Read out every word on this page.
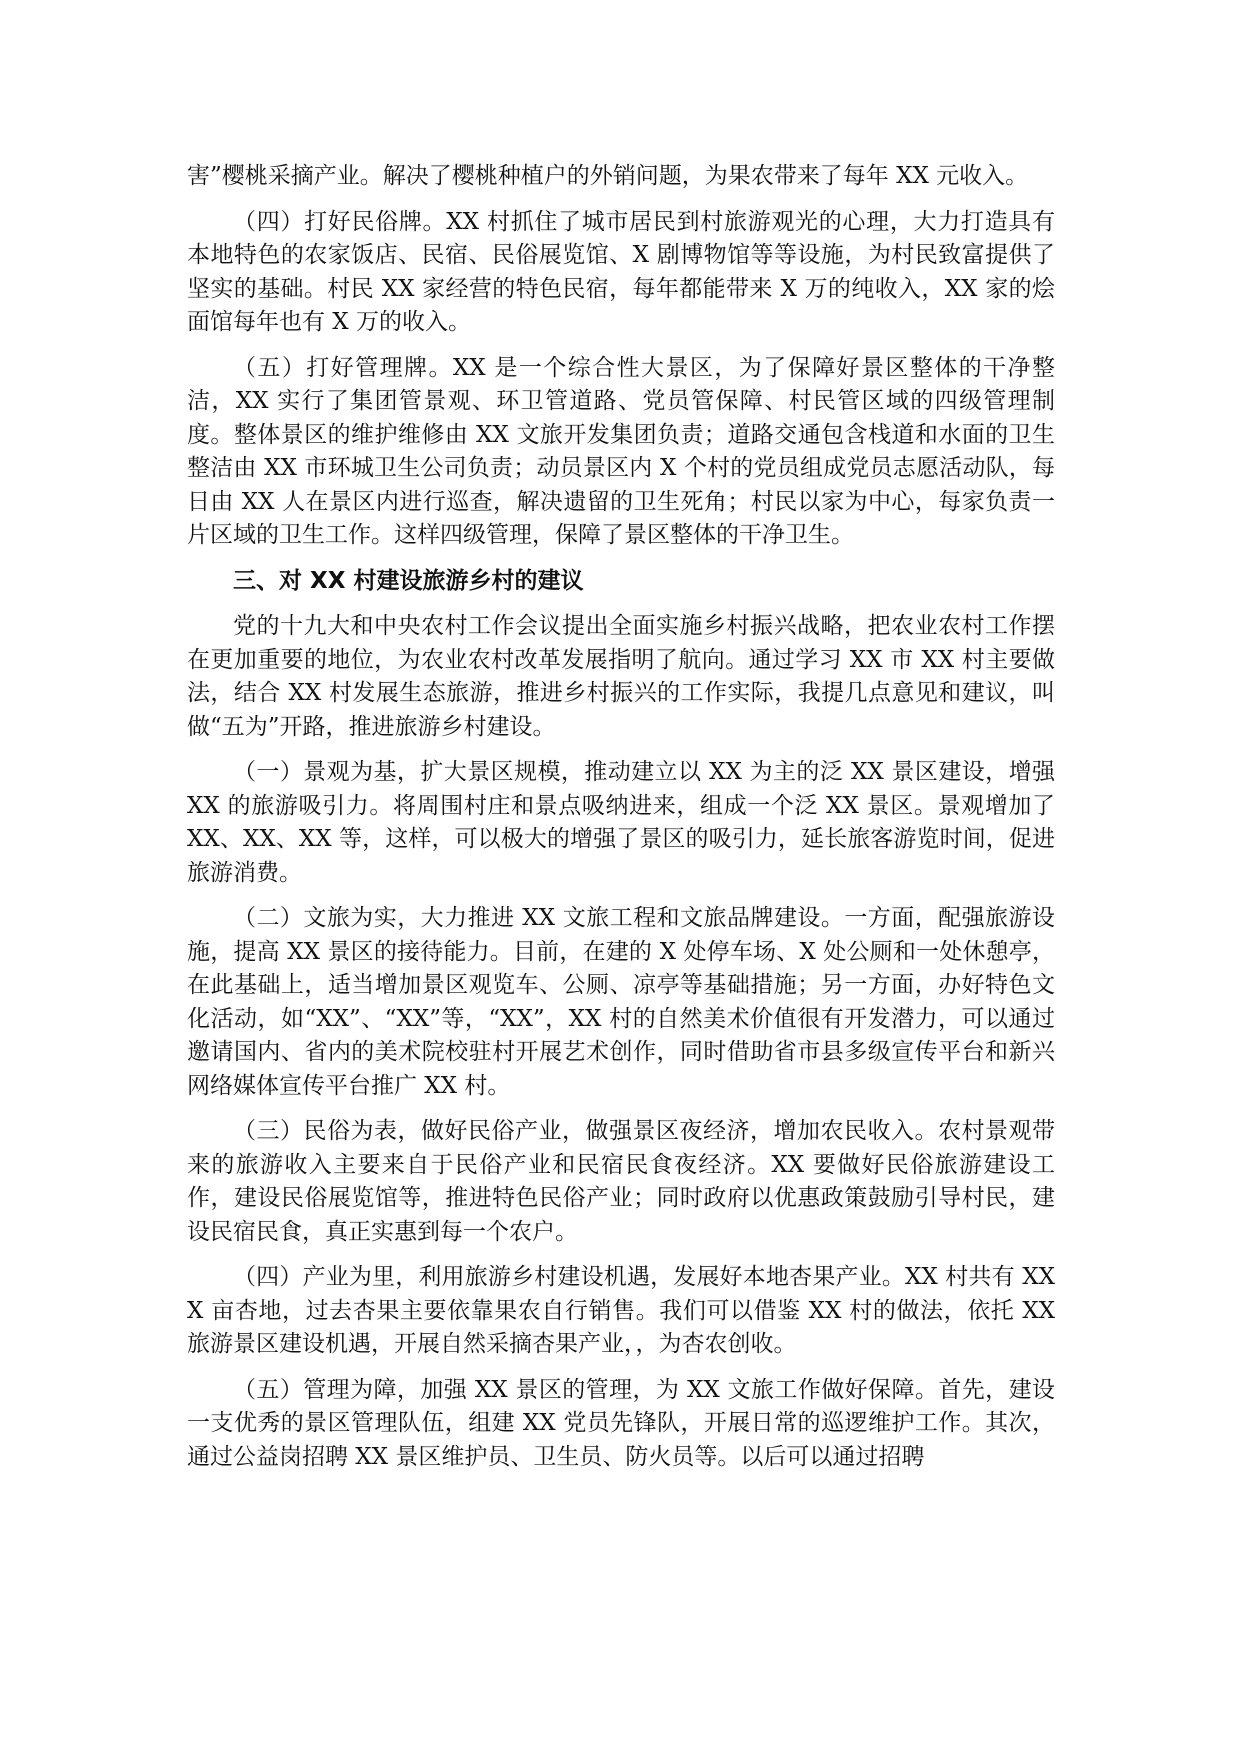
害”樱桃采摘产业。解决了樱桃种植户的外销问题，为果农带来了每年 XX 元收入。

（四）打好民俗牌。XX 村抓住了城市居民到村旅游观光的心理，大力打造具有本地特色的农家饭店、民宿、民俗展览馆、X 剧博物馆等等设施，为村民致富提供了坚实的基础。村民 XX 家经营的特色民宿，每年都能带来 X 万的纯收入，XX 家的烩面馆每年也有 X 万的收入。

（五）打好管理牌。XX 是一个综合性大景区，为了保障好景区整体的干净整洁，XX 实行了集团管景观、环卫管道路、党员管保障、村民管区域的四级管理制度。整体景区的维护维修由 XX 文旅开发集团负责；道路交通包含栈道和水面的卫生整洁由 XX 市环城卫生公司负责；动员景区内 X 个村的党员组成党员志愿活动队，每日由 XX 人在景区内进行巡查，解决遗留的卫生死角；村民以家为中心，每家负责一片区域的卫生工作。这样四级管理，保障了景区整体的干净卫生。

三、对 XX 村建设旅游乡村的建议

党的十九大和中央农村工作会议提出全面实施乡村振兴战略，把农业农村工作摆在更加重要的地位，为农业农村改革发展指明了航向。通过学习 XX 市 XX 村主要做法，结合 XX 村发展生态旅游，推进乡村振兴的工作实际，我提几点意见和建议，叫做“五为”开路，推进旅游乡村建设。

（一）景观为基，扩大景区规模，推动建立以 XX 为主的泛 XX 景区建设，增强 XX 的旅游吸引力。将周围村庄和景点吸纳进来，组成一个泛 XX 景区。景观增加了 XX、XX、XX 等，这样，可以极大的增强了景区的吸引力，延长旅客游览时间，促进旅游消费。

（二）文旅为实，大力推进 XX 文旅工程和文旅品牌建设。一方面，配强旅游设施，提高 XX 景区的接待能力。目前，在建的 X 处停车场、X 处公厕和一处休憩亭，在此基础上，适当增加景区观览车、公厕、凉亭等基础措施；另一方面，办好特色文化活动，如“XX”、“XX”等，“XX”，XX 村的自然美术价值很有开发潜力，可以通过邀请国内、省内的美术院校驻村开展艺术创作，同时借助省市县多级宣传平台和新兴网络媒体宣传平台推广 XX 村。

（三）民俗为表，做好民俗产业，做强景区夜经济，增加农民收入。农村景观带来的旅游收入主要来自于民俗产业和民宿民食夜经济。XX 要做好民俗旅游建设工作，建设民俗展览馆等，推进特色民俗产业；同时政府以优惠政策鼓励引导村民，建设民宿民食，真正实惠到每一个农户。

（四）产业为里，利用旅游乡村建设机遇，发展好本地杏果产业。XX 村共有 XXX 亩杏地，过去杏果主要依靠果农自行销售。我们可以借鉴 XX 村的做法，依托 XX 旅游景区建设机遇，开展自然采摘杏果产业，，为杏农创收。

（五）管理为障，加强 XX 景区的管理，为 XX 文旅工作做好保障。首先，建设一支优秀的景区管理队伍，组建 XX 党员先锋队，开展日常的巡逻维护工作。其次，通过公益岗招聘 XX 景区维护员、卫生员、防火员等。以后可以通过招聘
